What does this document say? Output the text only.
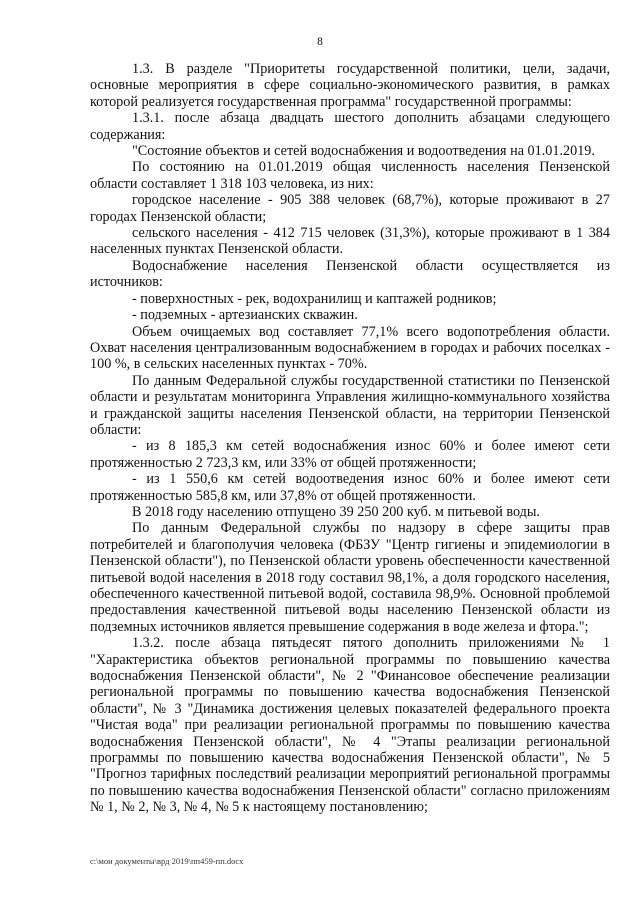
8

1.3. В разделе "Приоритеты государственной политики, цели, задачи, основные мероприятия в сфере социально-экономического развития, в рамках которой реализуется государственная программа" государственной программы:

1.3.1. после абзаца двадцать шестого дополнить абзацами следующего содержания:

"Состояние объектов и сетей водоснабжения и водоотведения на 01.01.2019.

По состоянию на 01.01.2019 общая численность населения Пензенской области составляет 1 318 103 человека, из них:

городское население - 905 388 человек (68,7%), которые проживают в 27 городах Пензенской области;

сельского населения - 412 715 человек (31,3%), которые проживают в 1 384 населенных пунктах Пензенской области.

Водоснабжение населения Пензенской области осуществляется из источников:

- поверхностных - рек, водохранилищ и каптажей родников;

- подземных - артезианских скважин.

Объем очищаемых вод составляет 77,1% всего водопотребления области. Охват населения централизованным водоснабжением в городах и рабочих поселках - 100 %, в сельских населенных пунктах - 70%.

По данным Федеральной службы государственной статистики по Пензенской области и результатам мониторинга Управления жилищно-коммунального хозяйства и гражданской защиты населения Пензенской области, на территории Пензенской области:

- из 8 185,3 км сетей водоснабжения износ 60% и более имеют сети протяженностью 2 723,3 км, или 33% от общей протяженности;

- из 1 550,6 км сетей водоотведения износ 60% и более имеют сети протяженностью 585,8 км, или 37,8% от общей протяженности.

В 2018 году населению отпущено 39 250 200 куб. м питьевой воды.

По данным Федеральной службы по надзору в сфере защиты прав потребителей и благополучия человека (ФБЗУ "Центр гигиены и эпидемиологии в Пензенской области"), по Пензенской области уровень обеспеченности качественной питьевой водой населения в 2018 году составил 98,1%, а доля городского населения, обеспеченного качественной питьевой водой, составила 98,9%. Основной проблемой предоставления качественной питьевой воды населению Пензенской области из подземных источников является превышение содержания в воде железа и фтора.";

1.3.2. после абзаца пятьдесят пятого дополнить приложениями № 1 "Характеристика объектов региональной программы по повышению качества водоснабжения Пензенской области", № 2 "Финансовое обеспечение реализации региональной программы по повышению качества водоснабжения Пензенской области", № 3 "Динамика достижения целевых показателей федерального проекта "Чистая вода" при реализации региональной программы по повышению качества водоснабжения Пензенской области", № 4 "Этапы реализации региональной программы по повышению качества водоснабжения Пензенской области", № 5 "Прогноз тарифных последствий реализации мероприятий региональной программы по повышению качества водоснабжения Пензенской области" согласно приложениям № 1, № 2, № 3, № 4, № 5 к настоящему постановлению;

c:\мои документы\врд 2019\пп459-пп.docx
